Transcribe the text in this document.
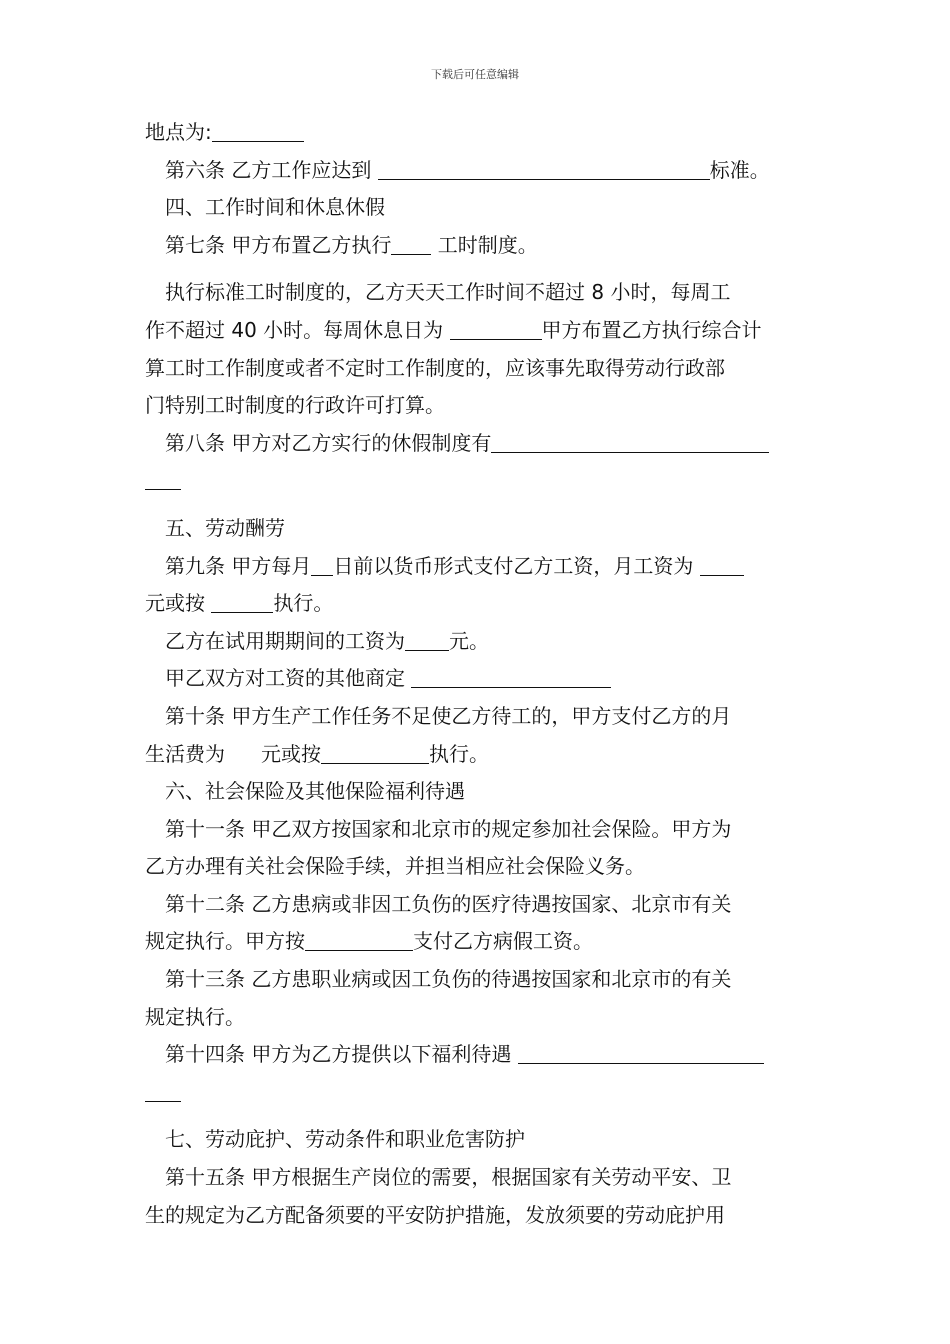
下载后可任意编辑
地点为:
第六条 乙方工作应达到	标准。
四、工作时间和休息休假
第七条 甲方布置乙方执行 工时制度。
执行标准工时制度的，乙方天天工作时间不超过 8 小时，每周工
作不超过 40 小时。每周休息日为	甲方布置乙方执行综合计
算工时工作制度或者不定时工作制度的，应该事先取得劳动行政部
门特别工时制度的行政许可打算。
第八条 甲方对乙方实行的休假制度有
五、劳动酬劳
第九条 甲方每月 日前以货币形式支付乙方工资，月工资为
元或按	执行。
乙方在试用期期间的工资为 元。
甲乙双方对工资的其他商定
第十条 甲方生产工作任务不足使乙方待工的，甲方支付乙方的月
生活费为 元或按	执行。
六、社会保险及其他保险福利待遇
第十一条 甲乙双方按国家和北京市的规定参加社会保险。甲方为
乙方办理有关社会保险手续，并担当相应社会保险义务。
第十二条 乙方患病或非因工负伤的医疗待遇按国家、北京市有关
规定执行。甲方按	支付乙方病假工资。
第十三条 乙方患职业病或因工负伤的待遇按国家和北京市的有关
规定执行。
第十四条 甲方为乙方提供以下福利待遇
七、劳动庇护、劳动条件和职业危害防护
第十五条 甲方根据生产岗位的需要，根据国家有关劳动平安、卫
生的规定为乙方配备须要的平安防护措施，发放须要的劳动庇护用
